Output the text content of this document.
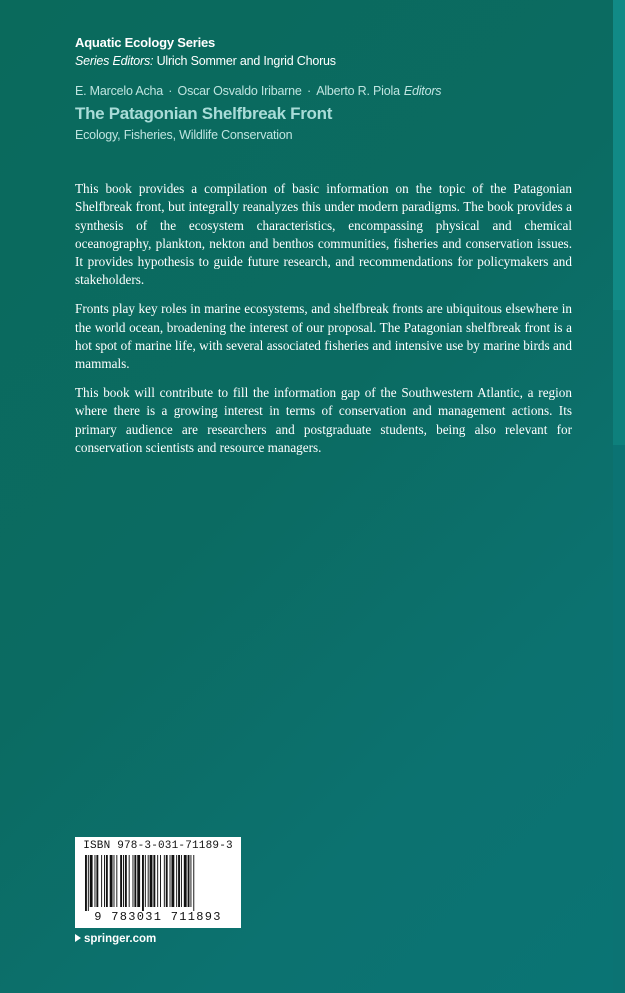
Aquatic Ecology Series
Series Editors: Ulrich Sommer and Ingrid Chorus
E. Marcelo Acha · Oscar Osvaldo Iribarne · Alberto R. Piola Editors
The Patagonian Shelfbreak Front
Ecology, Fisheries, Wildlife Conservation

This book provides a compilation of basic information on the topic of the Patagonian Shelfbreak front, but integrally reanalyzes this under modern paradigms. The book provides a synthesis of the ecosystem characteristics, encompassing physical and chemical oceanography, plankton, nekton and benthos communities, fisheries and conservation issues. It provides hypothesis to guide future research, and recommendations for policymakers and stakeholders.

Fronts play key roles in marine ecosystems, and shelfbreak fronts are ubiquitous elsewhere in the world ocean, broadening the interest of our proposal. The Patagonian shelfbreak front is a hot spot of marine life, with several associated fisheries and intensive use by marine birds and mammals.

This book will contribute to fill the information gap of the Southwestern Atlantic, a region where there is a growing interest in terms of conservation and management actions. Its primary audience are researchers and postgraduate students, being also relevant for conservation scientists and resource managers.

ISBN 978-3-031-71189-3
9 783031 711893
springer.com
